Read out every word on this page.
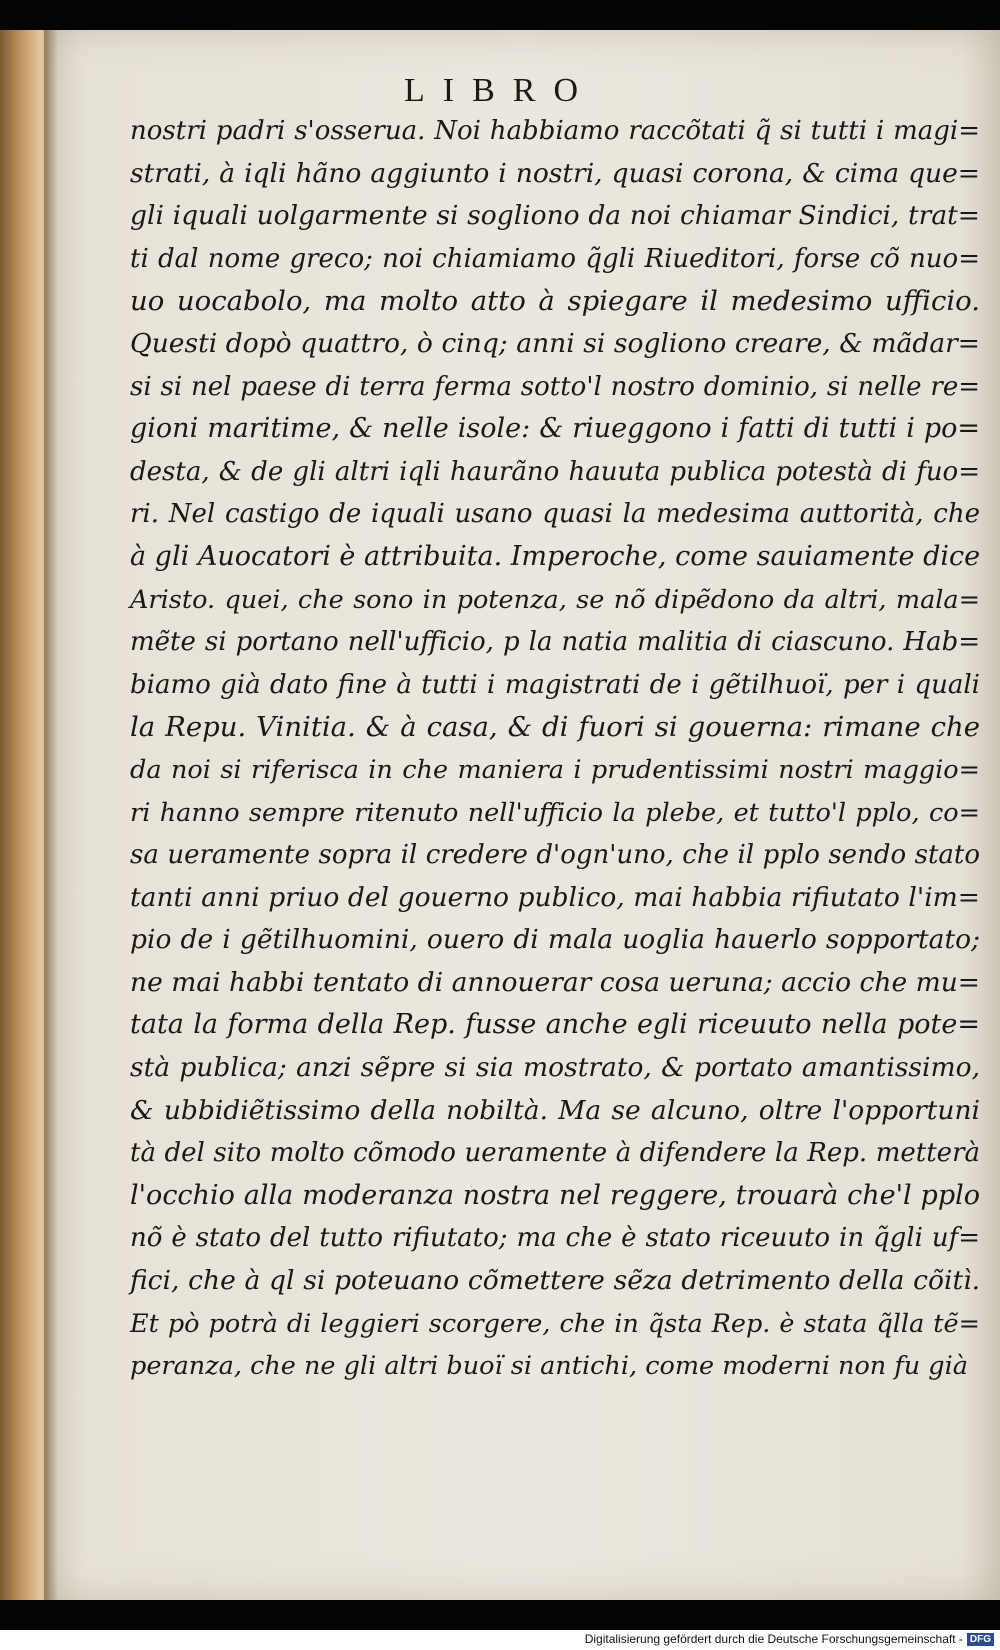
LIBRO
nostri padri s'osserua. Noi habbiamo raccõtati q̃ si tutti i magi=
strati, à iqli hãno aggiunto i nostri, quasi corona, & cima que=
gli iquali uolgarmente si sogliono da noi chiamar Sindici, trat=
ti dal nome greco; noi chiamiamo q̃gli Riueditori, forse cõ nuo=
uo uocabolo, ma molto atto à spiegare il medesimo ufficio.
Questi dopò quattro, ò cinq; anni si sogliono creare, & mãdar=
si si nel paese di terra ferma sotto'l nostro dominio, si nelle re=
gioni maritime, & nelle isole: & riueggono i fatti di tutti i po=
desta, & de gli altri iqli haurãno hauuta publica potestà di fuo=
ri. Nel castigo de iquali usano quasi la medesima auttorità, che
à gli Auocatori è attribuita. Imperoche, come sauiamente dice
Aristo. quei, che sono in potenza, se nõ dipẽdono da altri, mala=
mẽte si portano nell'ufficio, p la natia malitia di ciascuno. Hab=
biamo già dato fine à tutti i magistrati de i gẽtilhuoï, per i quali
la Repu. Vinitia. & à casa, & di fuori si gouerna: rimane che
da noi si riferisca in che maniera i prudentissimi nostri maggio=
ri hanno sempre ritenuto nell'ufficio la plebe, et tutto'l pplo, co=
sa ueramente sopra il credere d'ogn'uno, che il pplo sendo stato
tanti anni priuo del gouerno publico, mai habbia rifiutato l'im=
pio de i gẽtilhuomini, ouero di mala uoglia hauerlo sopportato;
ne mai habbi tentato di annouerar cosa ueruna; accio che mu=
tata la forma della Rep. fusse anche egli riceuuto nella pote=
stà publica; anzi sẽpre si sia mostrato, & portato amantissimo,
& ubbidiẽtissimo della nobiltà. Ma se alcuno, oltre l'opportuni
tà del sito molto cõmodo ueramente à difendere la Rep. metterà
l'occhio alla moderanza nostra nel reggere, trouarà che'l pplo
nõ è stato del tutto rifiutato; ma che è stato riceuuto in q̃gli uf=
fici, che à ql si poteuano cõmettere sẽza detrimento della cõitì.
Et pò potrà di leggieri scorgere, che in q̃sta Rep. è stata q̃lla tẽ=
peranza, che ne gli altri buoï si antichi, come moderni non fu già
Digitalisierung gefördert durch die Deutsche Forschungsgemeinschaft - DFG
